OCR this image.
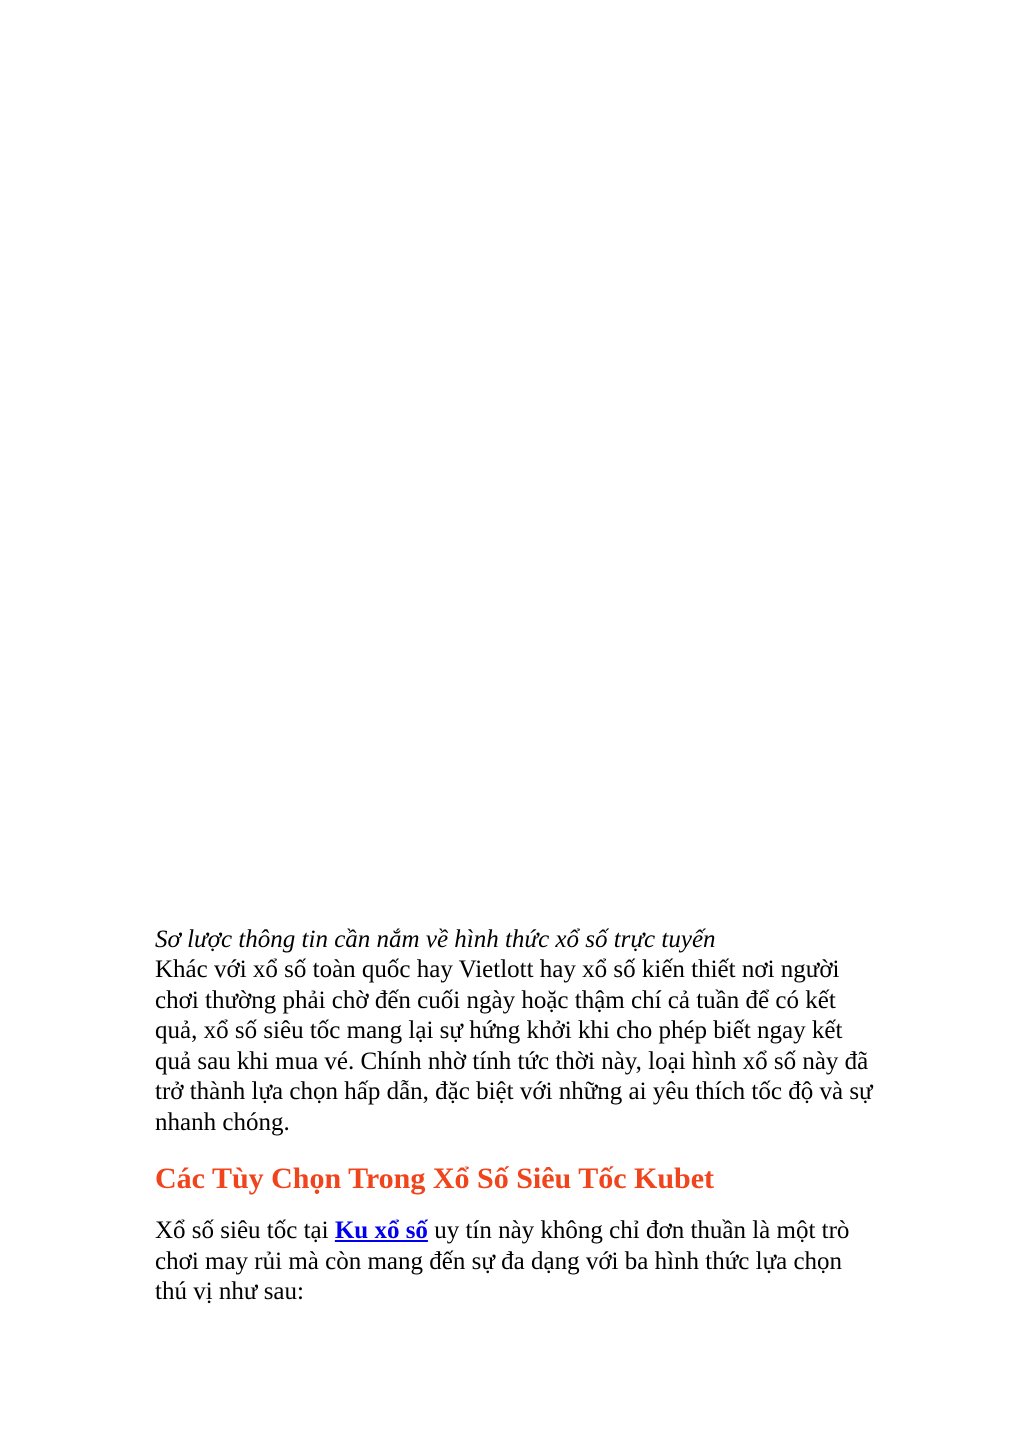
Sơ lược thông tin cần nắm về hình thức xổ số trực tuyến

Khác với xổ số toàn quốc hay Vietlott hay xổ số kiến thiết nơi người chơi thường phải chờ đến cuối ngày hoặc thậm chí cả tuần để có kết quả, xổ số siêu tốc mang lại sự hứng khởi khi cho phép biết ngay kết quả sau khi mua vé. Chính nhờ tính tức thời này, loại hình xổ số này đã trở thành lựa chọn hấp dẫn, đặc biệt với những ai yêu thích tốc độ và sự nhanh chóng.

Các Tùy Chọn Trong Xổ Số Siêu Tốc Kubet

Xổ số siêu tốc tại Ku xổ số uy tín này không chỉ đơn thuần là một trò chơi may rủi mà còn mang đến sự đa dạng với ba hình thức lựa chọn thú vị như sau:
